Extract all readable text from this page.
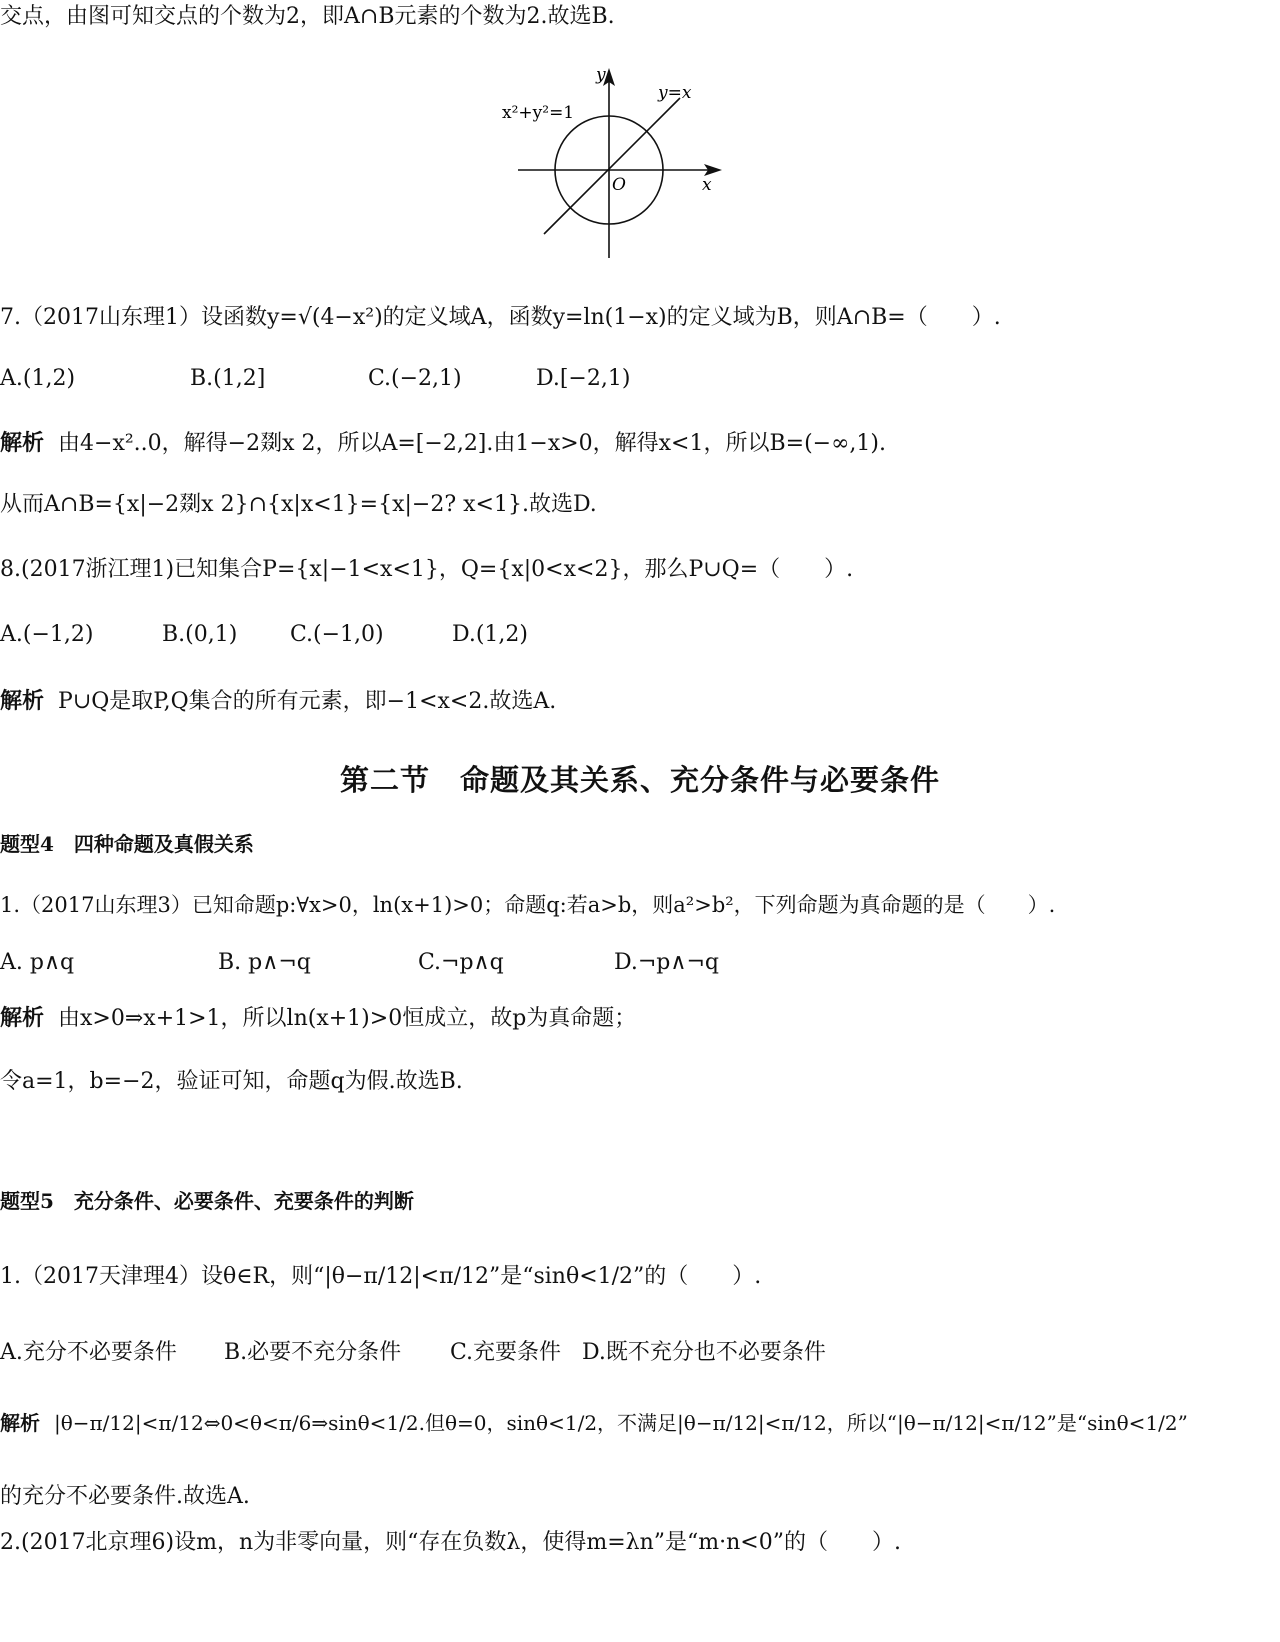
交点，由图可知交点的个数为2，即A∩B元素的个数为2.故选B.
x²+y²=1
y=x
y
x
O
7.（2017山东理1）设函数y=√(4−x²)的定义域A，函数y=ln(1−x)的定义域为B，则A∩B=（　　）.
A.(1,2)	B.(1,2]	C.(−2,1)	D.[−2,1)
解析 由4−x²..0，解得−2剟x 2，所以A=[−2,2].由1−x>0，解得x<1，所以B=(−∞,1).
从而A∩B={x|−2剟x 2}∩{x|x<1}={x|−2? x<1}.故选D.
8.(2017浙江理1)已知集合P={x|−1<x<1}，Q={x|0<x<2}，那么P∪Q=（　　）.
A.(−1,2)	B.(0,1) C.(−1,0)	D.(1,2)
解析 P∪Q是取P,Q集合的所有元素，即−1<x<2.故选A.
第二节　命题及其关系、充分条件与必要条件
题型4　四种命题及真假关系
1.（2017山东理3）已知命题p:∀x>0，ln(x+1)>0；命题q:若a>b，则a²>b²，下列命题为真命题的是（　　）.
A. p∧q	B. p∧¬q	C.¬p∧q	D.¬p∧¬q
解析 由x>0⇒x+1>1，所以ln(x+1)>0恒成立，故p为真命题；
令a=1，b=−2，验证可知，命题q为假.故选B.
题型5　充分条件、必要条件、充要条件的判断
1.（2017天津理4）设θ∈R，则“|θ−π/12|<π/12”是“sinθ<1/2”的（　　）.
A.充分不必要条件 B.必要不充分条件 C.充要条件 D.既不充分也不必要条件
解析 |θ−π/12|<π/12⇔0<θ<π/6⇒sinθ<1/2.但θ=0，sinθ<1/2，不满足|θ−π/12|<π/12，所以“|θ−π/12|<π/12”是“sinθ<1/2”
的充分不必要条件.故选A.
2.(2017北京理6)设m，n为非零向量，则“存在负数λ，使得m=λn”是“m·n<0”的（　　）.
